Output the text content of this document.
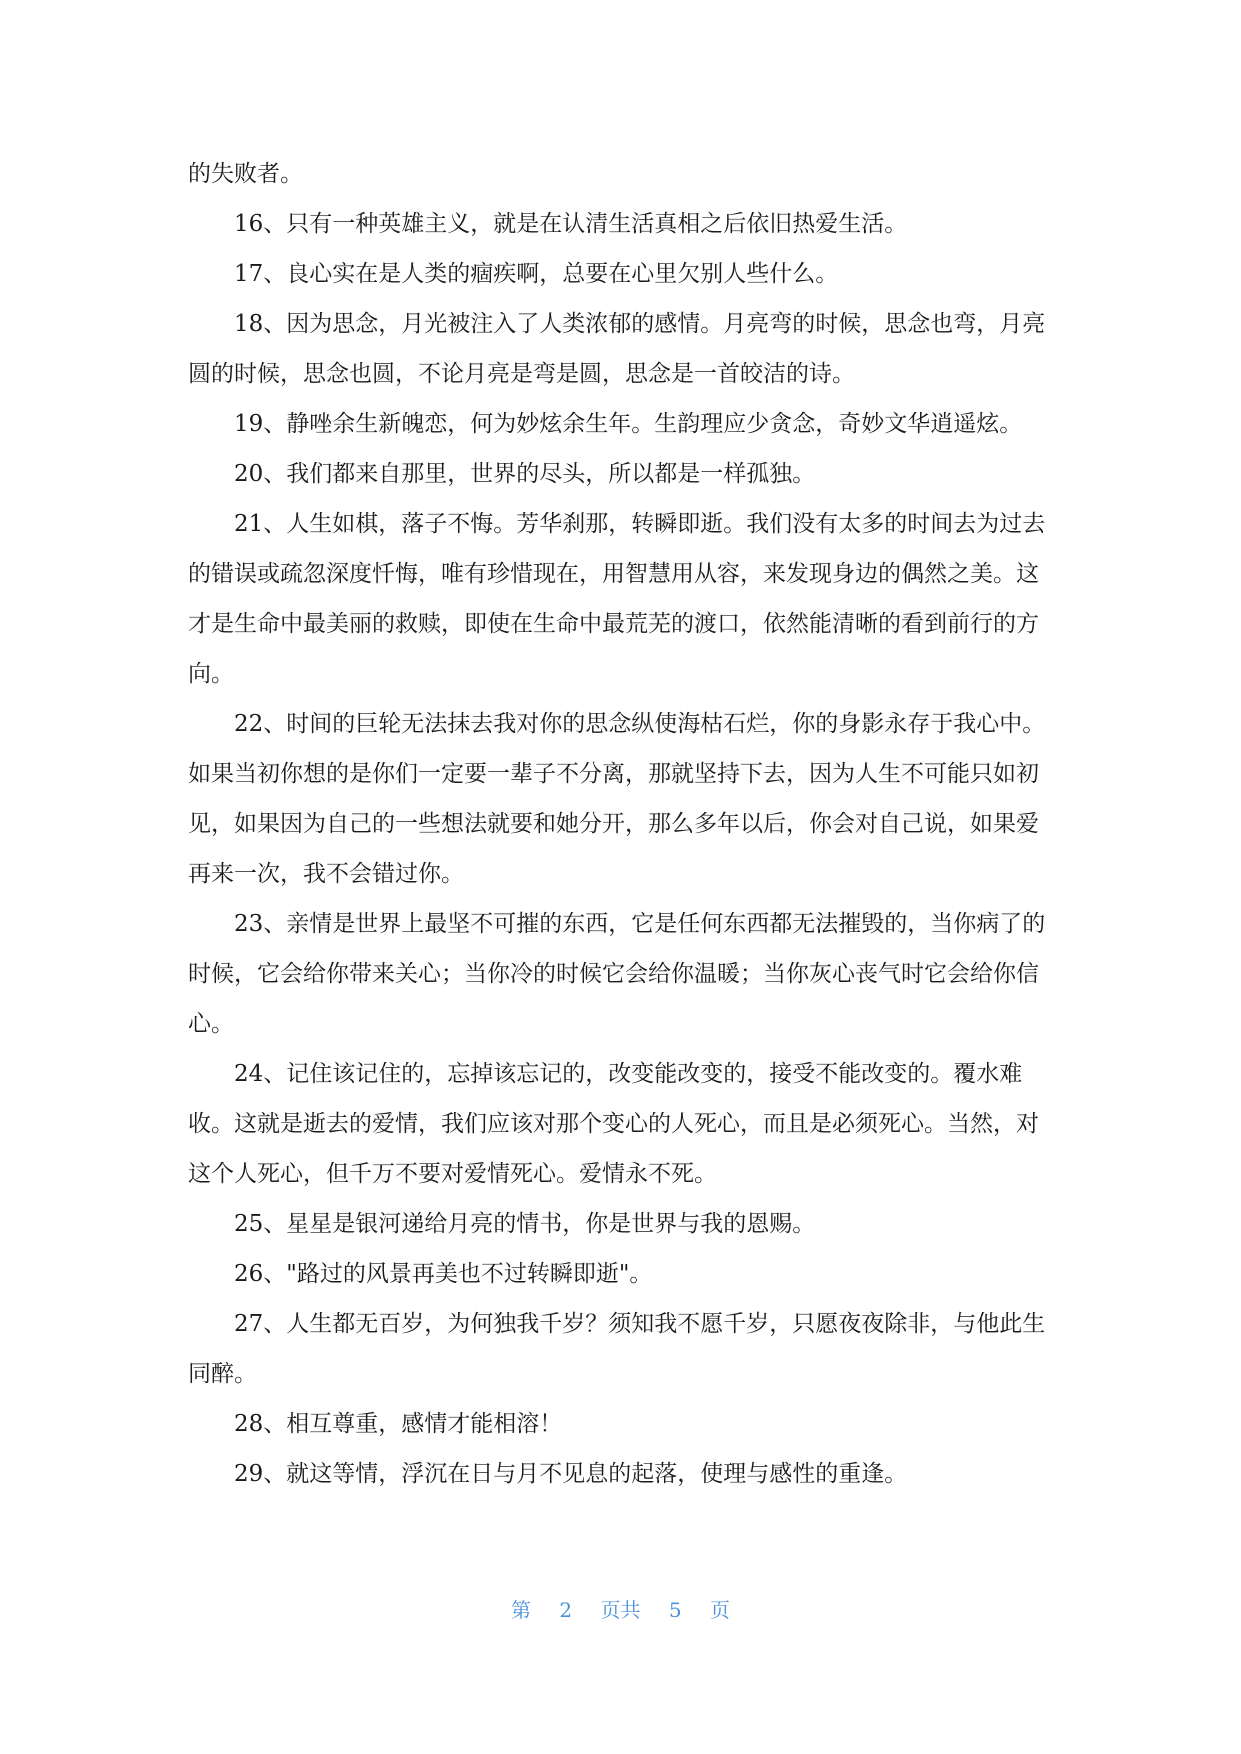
的失败者。

16、只有一种英雄主义，就是在认清生活真相之后依旧热爱生活。

17、良心实在是人类的痼疾啊，总要在心里欠别人些什么。

18、因为思念，月光被注入了人类浓郁的感情。月亮弯的时候，思念也弯，月亮圆的时候，思念也圆，不论月亮是弯是圆，思念是一首皎洁的诗。

19、静唑余生新魄恋，何为妙炫余生年。生韵理应少贪念，奇妙文华逍遥炫。

20、我们都来自那里，世界的尽头，所以都是一样孤独。

21、人生如棋，落子不悔。芳华刹那，转瞬即逝。我们没有太多的时间去为过去的错误或疏忽深度忏悔，唯有珍惜现在，用智慧用从容，来发现身边的偶然之美。这才是生命中最美丽的救赎，即使在生命中最荒芜的渡口，依然能清晰的看到前行的方向。

22、时间的巨轮无法抹去我对你的思念纵使海枯石烂，你的身影永存于我心中。如果当初你想的是你们一定要一辈子不分离，那就坚持下去，因为人生不可能只如初见，如果因为自己的一些想法就要和她分开，那么多年以后，你会对自己说，如果爱再来一次，我不会错过你。

23、亲情是世界上最坚不可摧的东西，它是任何东西都无法摧毁的，当你病了的时候，它会给你带来关心；当你冷的时候它会给你温暖；当你灰心丧气时它会给你信心。

24、记住该记住的，忘掉该忘记的，改变能改变的，接受不能改变的。覆水难收。这就是逝去的爱情，我们应该对那个变心的人死心，而且是必须死心。当然，对这个人死心，但千万不要对爱情死心。爱情永不死。

25、星星是银河递给月亮的情书，你是世界与我的恩赐。

26、"路过的风景再美也不过转瞬即逝"。

27、人生都无百岁，为何独我千岁？须知我不愿千岁，只愿夜夜除非，与他此生同醉。

28、相互尊重，感情才能相溶！

29、就这等情，浮沉在日与月不见息的起落，使理与感性的重逢。

第 2 页共 5 页
